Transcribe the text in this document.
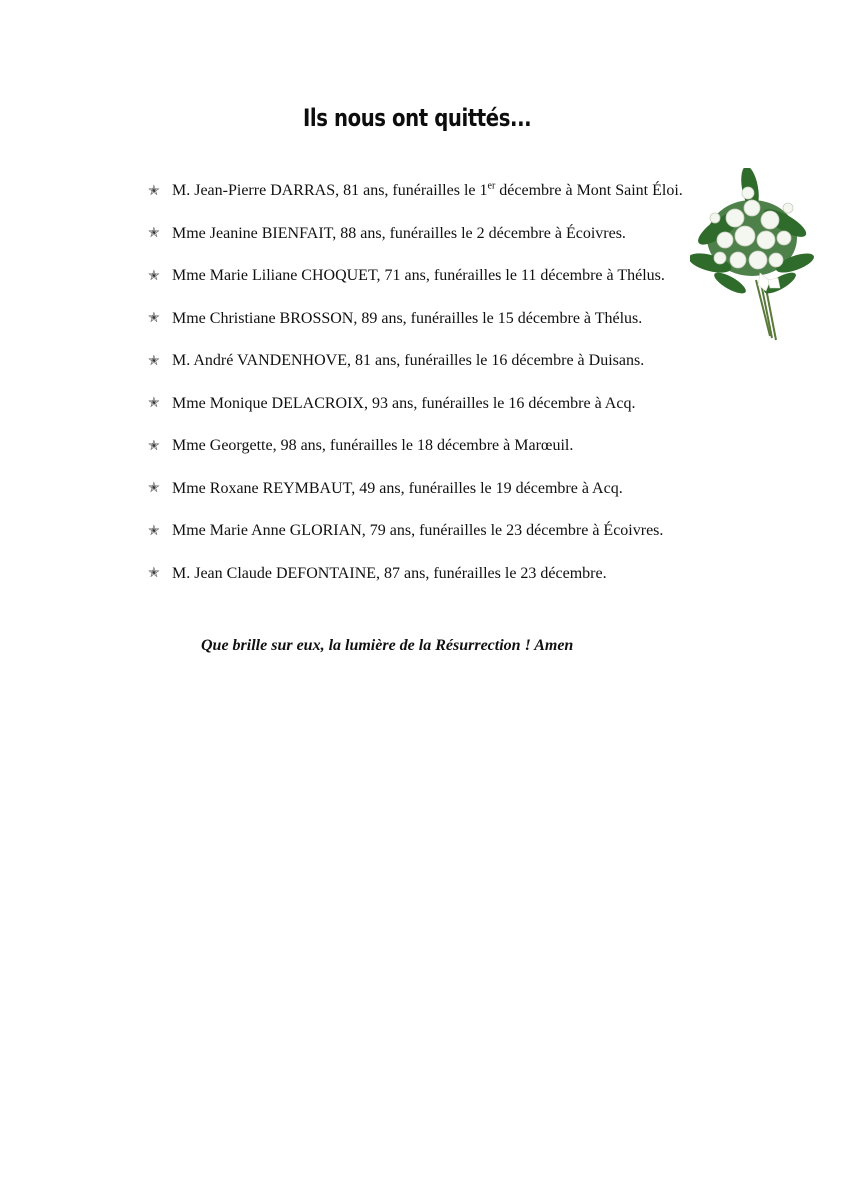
Ils nous ont quittés...
✭ M. Jean-Pierre DARRAS, 81 ans, funérailles le 1er décembre à Mont Saint Éloi.
✭ Mme Jeanine BIENFAIT, 88 ans, funérailles le 2 décembre à Écoivres.
✭ Mme Marie Liliane CHOQUET, 71 ans, funérailles le 11 décembre à Thélus.
✭ Mme Christiane BROSSON, 89 ans, funérailles le 15 décembre à Thélus.
✭ M. André VANDENHOVE, 81 ans, funérailles le 16 décembre à Duisans.
✭ Mme Monique DELACROIX, 93 ans, funérailles le 16 décembre à Acq.
✭ Mme Georgette, 98 ans, funérailles le 18 décembre à Marœuil.
✭ Mme Roxane REYMBAUT, 49 ans, funérailles le 19 décembre à Acq.
✭ Mme Marie Anne GLORIAN, 79 ans, funérailles le 23 décembre à Écoivres.
✭ M. Jean Claude DEFONTAINE, 87 ans, funérailles le 23 décembre.
Que brille sur eux, la lumière de la Résurrection ! Amen
